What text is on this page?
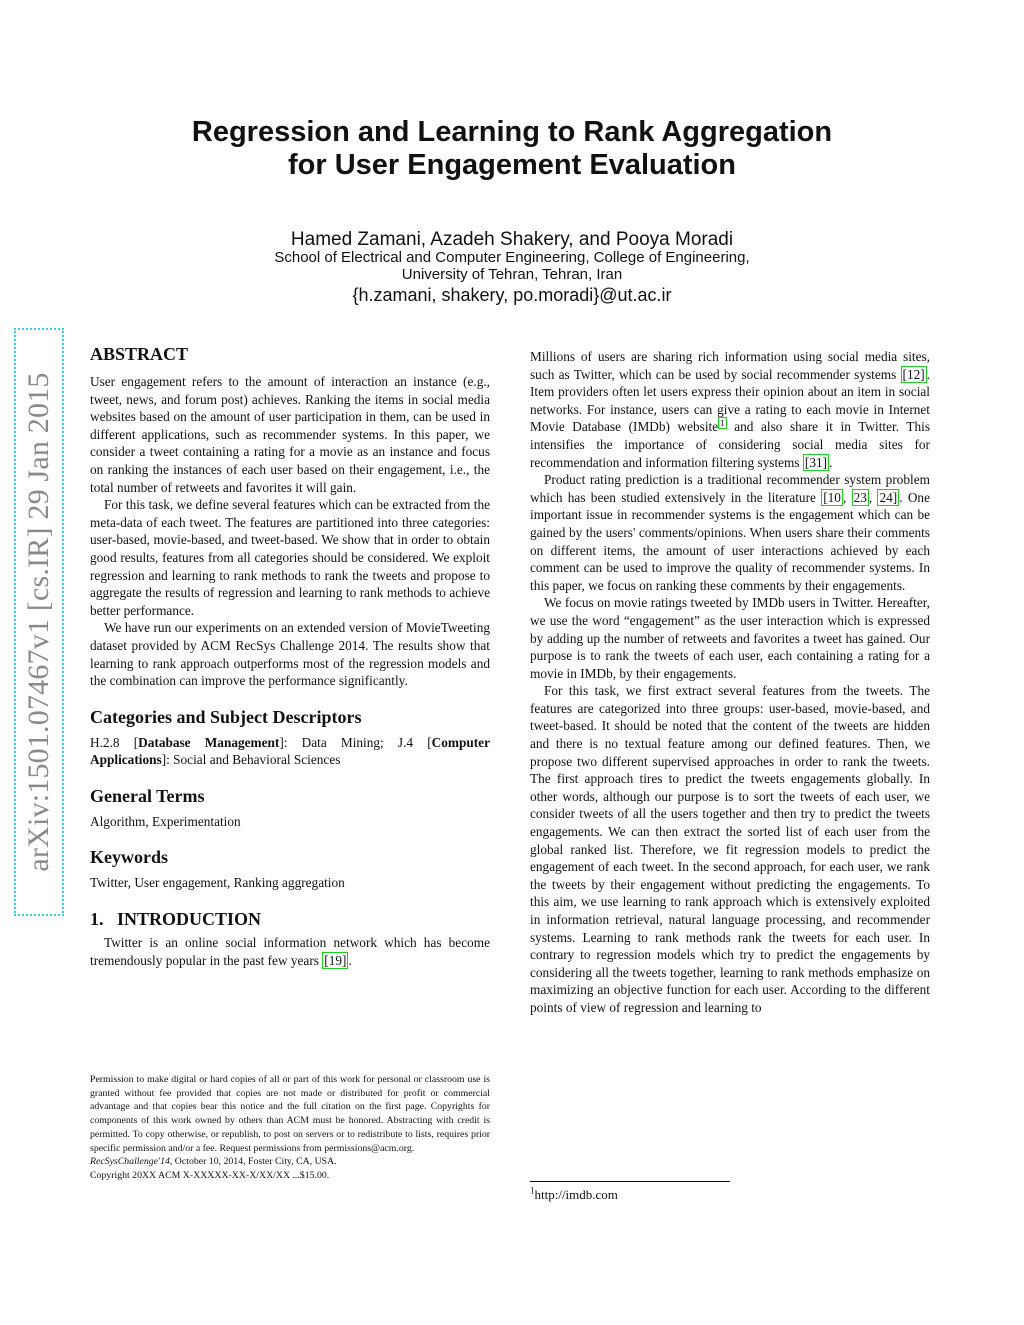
arXiv:1501.07467v1 [cs.IR] 29 Jan 2015
Regression and Learning to Rank Aggregation
for User Engagement Evaluation
Hamed Zamani, Azadeh Shakery, and Pooya Moradi
School of Electrical and Computer Engineering, College of Engineering,
University of Tehran, Tehran, Iran
{h.zamani, shakery, po.moradi}@ut.ac.ir
ABSTRACT

User engagement refers to the amount of interaction an instance (e.g., tweet, news, and forum post) achieves. Ranking the items in social media websites based on the amount of user participation in them, can be used in different applications, such as recommender systems. In this paper, we consider a tweet containing a rating for a movie as an instance and focus on ranking the instances of each user based on their engagement, i.e., the total number of retweets and favorites it will gain.

For this task, we define several features which can be extracted from the meta-data of each tweet. The features are partitioned into three categories: user-based, movie-based, and tweet-based. We show that in order to obtain good results, features from all categories should be considered. We exploit regression and learning to rank methods to rank the tweets and propose to aggregate the results of regression and learning to rank methods to achieve better performance.

We have run our experiments on an extended version of MovieTweeting dataset provided by ACM RecSys Challenge 2014. The results show that learning to rank approach outperforms most of the regression models and the combination can improve the performance significantly.

Categories and Subject Descriptors

H.2.8 [Database Management]: Data Mining; J.4 [Computer Applications]: Social and Behavioral Sciences

General Terms

Algorithm, Experimentation

Keywords

Twitter, User engagement, Ranking aggregation

1.   INTRODUCTION

Twitter is an online social information network which has become tremendously popular in the past few years [19] .

Permission to make digital or hard copies of all or part of this work for personal or classroom use is granted without fee provided that copies are not made or distributed for profit or commercial advantage and that copies bear this notice and the full citation on the first page. Copyrights for components of this work owned by others than ACM must be honored. Abstracting with credit is permitted. To copy otherwise, or republish, to post on servers or to redistribute to lists, requires prior specific permission and/or a fee. Request permissions from permissions@acm.org.
RecSysChallenge'14, October 10, 2014, Foster City, CA, USA.
Copyright 20XX ACM X-XXXXX-XX-X/XX/XX ...$15.00.

Millions of users are sharing rich information using social media sites, such as Twitter, which can be used by social recommender systems [12] . Item providers often let users express their opinion about an item in social networks. For instance, users can give a rating to each movie in Internet Movie Database (IMDb) website $^1$ and also share it in Twitter. This intensifies the importance of considering social media sites for recommendation and information filtering systems [31] .

Product rating prediction is a traditional recommender system problem which has been studied extensively in the literature [10 , 23 , 24] . One important issue in recommender systems is the engagement which can be gained by the users' comments/opinions. When users share their comments on different items, the amount of user interactions achieved by each comment can be used to improve the quality of recommender systems. In this paper, we focus on ranking these comments by their engagements.

We focus on movie ratings tweeted by IMDb users in Twitter. Hereafter, we use the word “engagement” as the user interaction which is expressed by adding up the number of retweets and favorites a tweet has gained. Our purpose is to rank the tweets of each user, each containing a rating for a movie in IMDb, by their engagements.

For this task, we first extract several features from the tweets. The features are categorized into three groups: user-based, movie-based, and tweet-based. It should be noted that the content of the tweets are hidden and there is no textual feature among our defined features. Then, we propose two different supervised approaches in order to rank the tweets. The first approach tires to predict the tweets engagements globally. In other words, although our purpose is to sort the tweets of each user, we consider tweets of all the users together and then try to predict the tweets engagements. We can then extract the sorted list of each user from the global ranked list. Therefore, we fit regression models to predict the engagement of each tweet. In the second approach, for each user, we rank the tweets by their engagement without predicting the engagements. To this aim, we use learning to rank approach which is extensively exploited in information retrieval, natural language processing, and recommender systems. Learning to rank methods rank the tweets for each user. In contrary to regression models which try to predict the engagements by considering all the tweets together, learning to rank methods emphasize on maximizing an objective function for each user. According to the different points of view of regression and learning to

$^1$http://imdb.com
